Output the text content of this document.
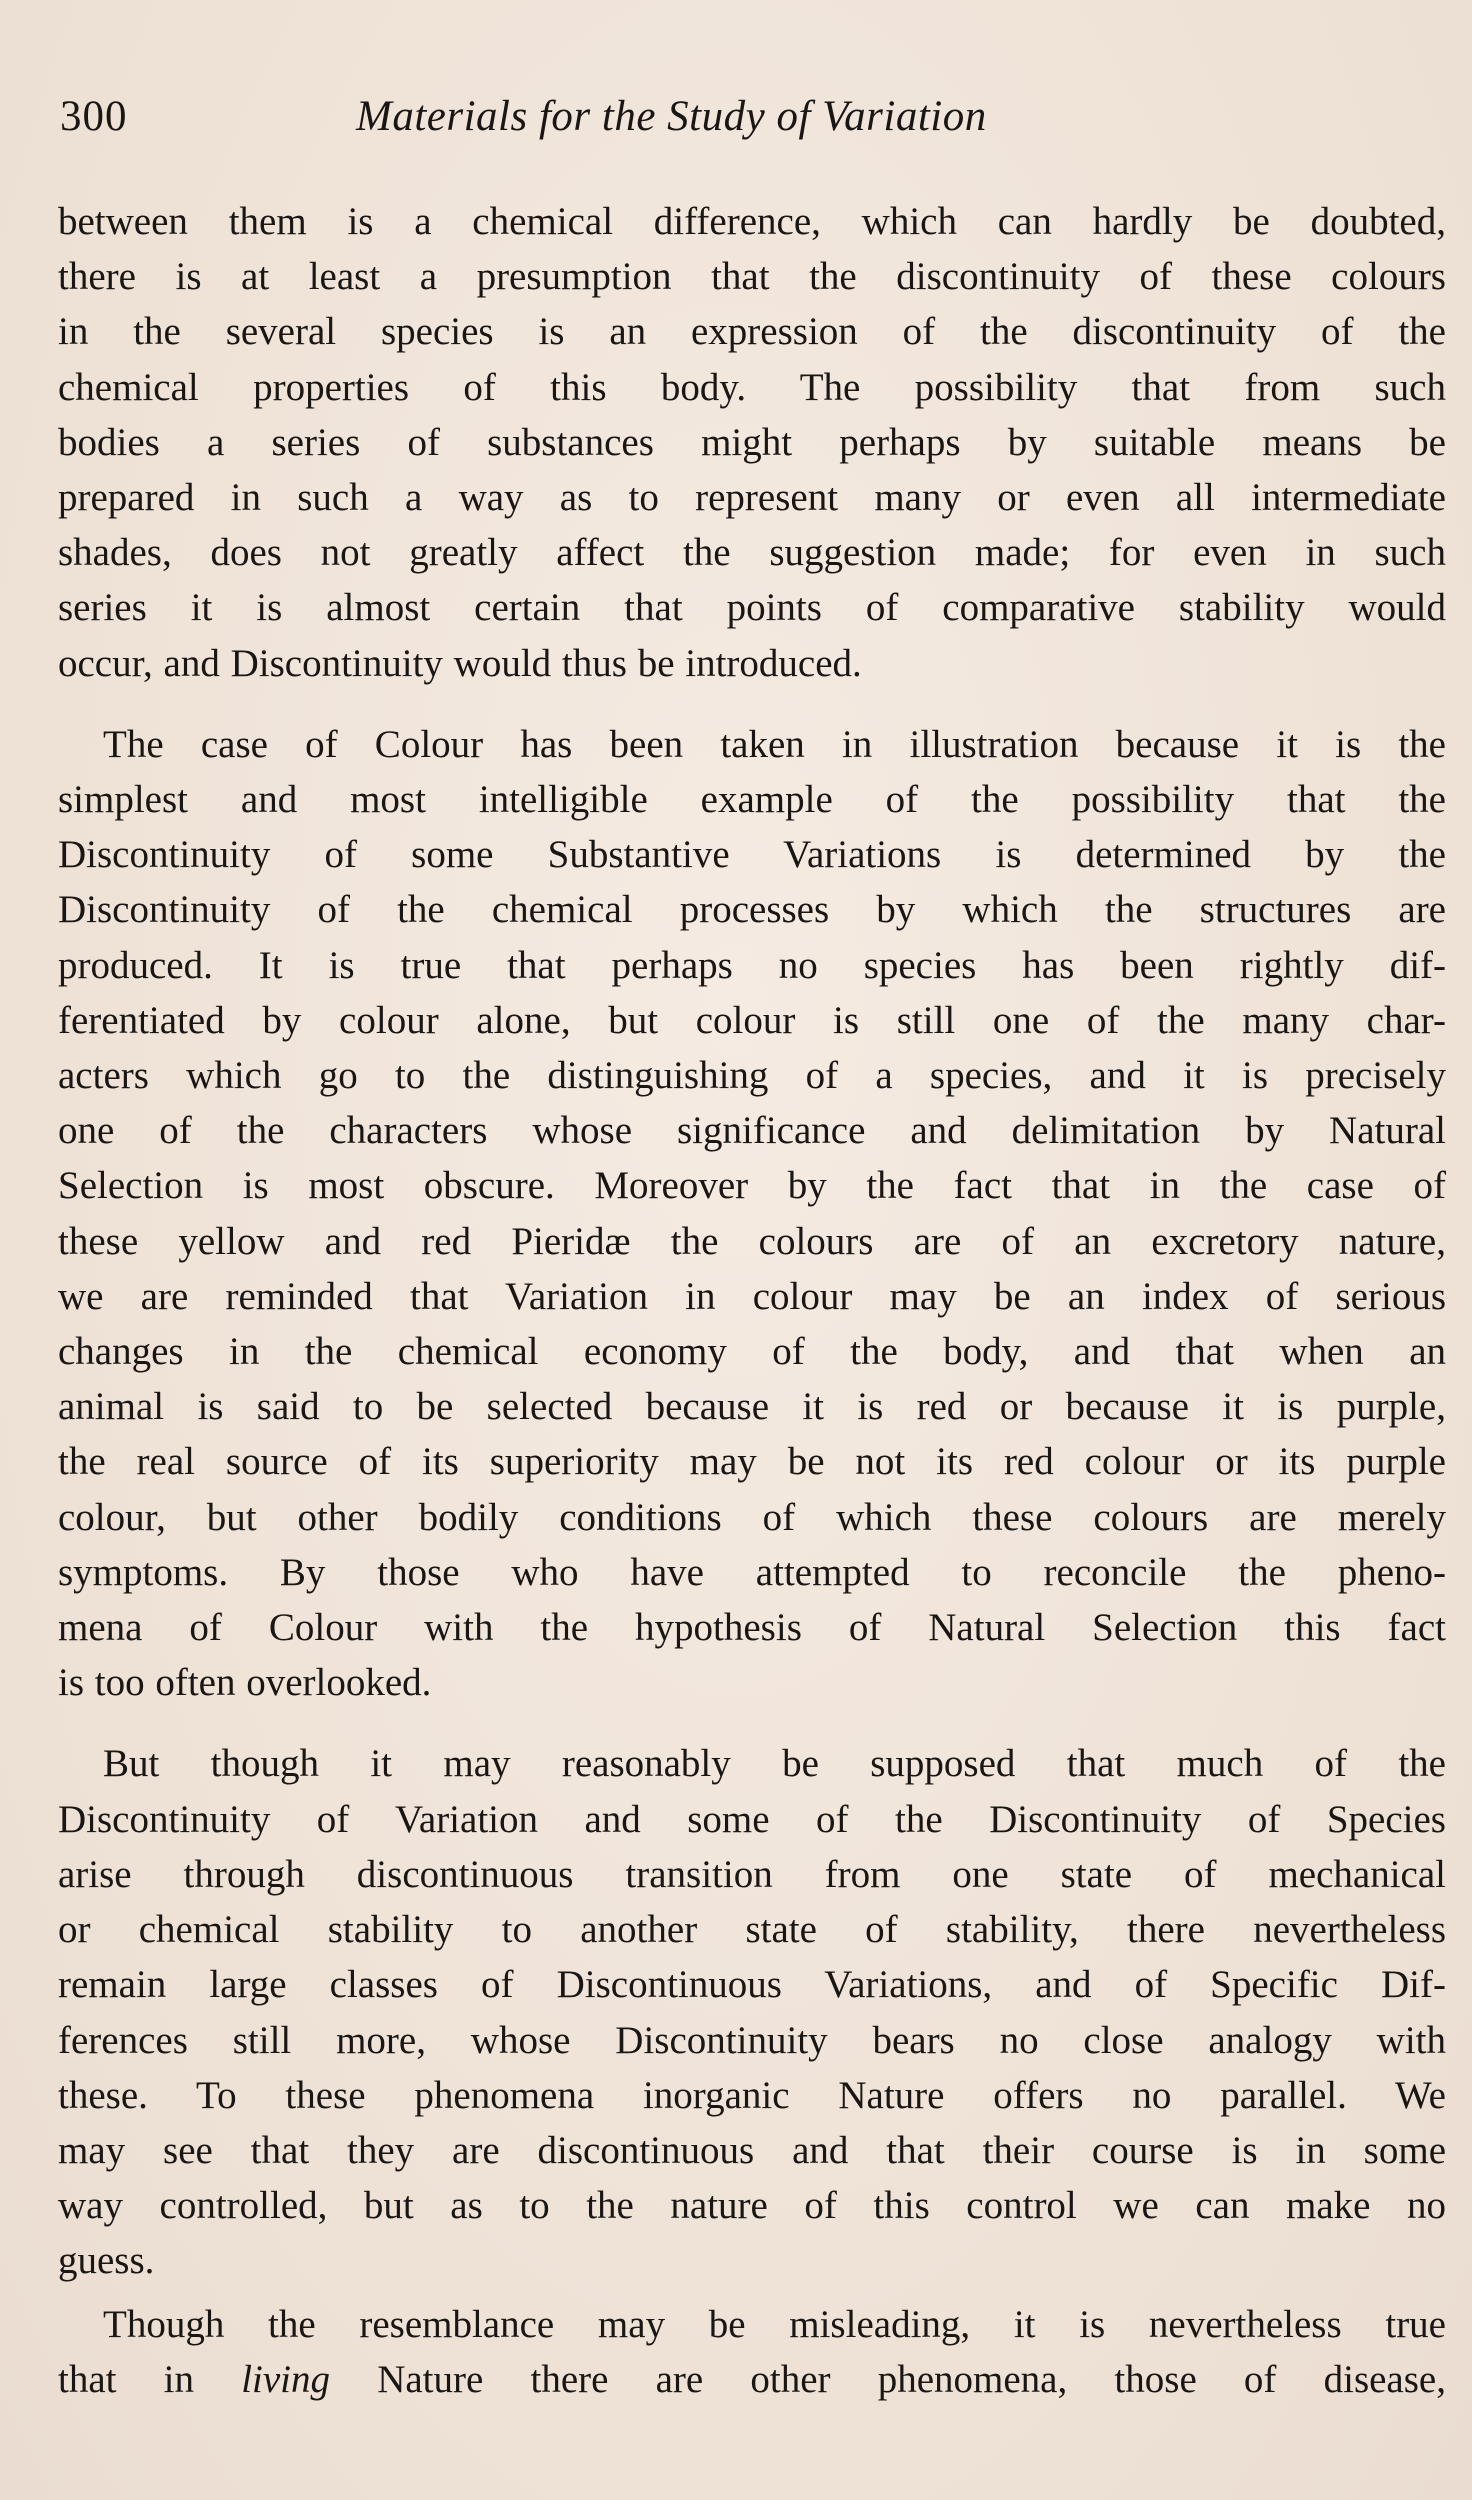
300	Materials for the Study of Variation

between them is a chemical difference, which can hardly be doubted,
there is at least a presumption that the discontinuity of these colours
in the several species is an expression of the discontinuity of the
chemical properties of this body. The possibility that from such
bodies a series of substances might perhaps by suitable means be
prepared in such a way as to represent many or even all intermediate
shades, does not greatly affect the suggestion made; for even in such
series it is almost certain that points of comparative stability would
occur, and Discontinuity would thus be introduced.

The case of Colour has been taken in illustration because it is the
simplest and most intelligible example of the possibility that the
Discontinuity of some Substantive Variations is determined by the
Discontinuity of the chemical processes by which the structures are
produced. It is true that perhaps no species has been rightly dif-
ferentiated by colour alone, but colour is still one of the many char-
acters which go to the distinguishing of a species, and it is precisely
one of the characters whose significance and delimitation by Natural
Selection is most obscure. Moreover by the fact that in the case of
these yellow and red Pieridæ the colours are of an excretory nature,
we are reminded that Variation in colour may be an index of serious
changes in the chemical economy of the body, and that when an
animal is said to be selected because it is red or because it is purple,
the real source of its superiority may be not its red colour or its purple
colour, but other bodily conditions of which these colours are merely
symptoms. By those who have attempted to reconcile the pheno-
mena of Colour with the hypothesis of Natural Selection this fact
is too often overlooked.

But though it may reasonably be supposed that much of the
Discontinuity of Variation and some of the Discontinuity of Species
arise through discontinuous transition from one state of mechanical
or chemical stability to another state of stability, there nevertheless
remain large classes of Discontinuous Variations, and of Specific Dif-
ferences still more, whose Discontinuity bears no close analogy with
these. To these phenomena inorganic Nature offers no parallel. We
may see that they are discontinuous and that their course is in some
way controlled, but as to the nature of this control we can make no
guess.

Though the resemblance may be misleading, it is nevertheless true
that in living Nature there are other phenomena, those of disease,
